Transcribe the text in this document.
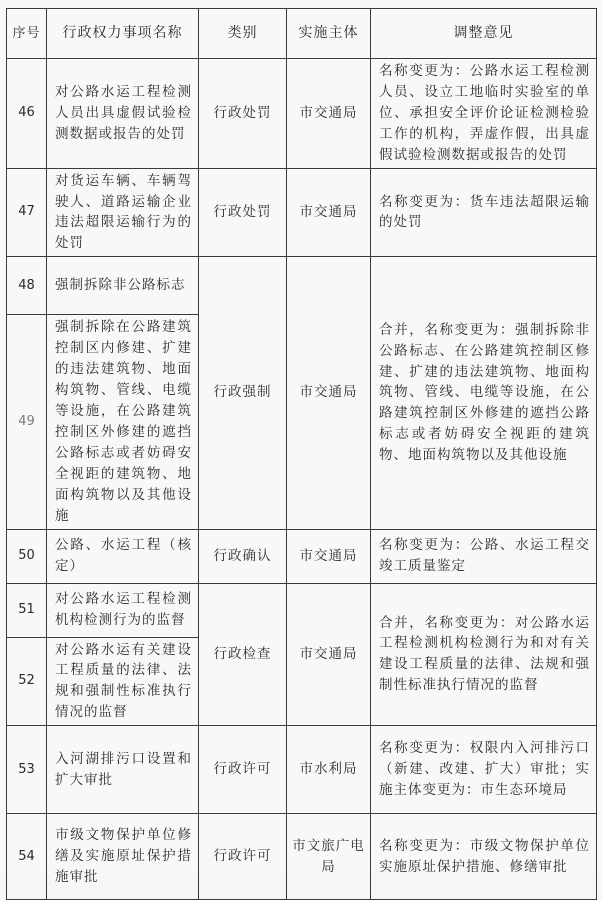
序号	行政权力事项名称	类别	实施主体	调整意见
46	对公路水运工程检测人员出具虚假试验检测数据或报告的处罚	行政处罚	市交通局	名称变更为：公路水运工程检测人员、设立工地临时实验室的单位、承担安全评价论证检测检验工作的机构，弄虚作假，出具虚假试验检测数据或报告的处罚
47	对货运车辆、车辆驾驶人、道路运输企业违法超限运输行为的处罚	行政处罚	市交通局	名称变更为：货车违法超限运输的处罚
48	强制拆除非公路标志	行政强制	市交通局	合并，名称变更为：强制拆除非公路标志、在公路建筑控制区修建、扩建的违法建筑物、地面构筑物、管线、电缆等设施，在公路建筑控制区外修建的遮挡公路标志或者妨碍安全视距的建筑物、地面构筑物以及其他设施
49	强制拆除在公路建筑控制区内修建、扩建的违法建筑物、地面构筑物、管线、电缆等设施，在公路建筑控制区外修建的遮挡公路标志或者妨碍安全视距的建筑物、地面构筑物以及其他设施			
50	公路、水运工程（核定）	行政确认	市交通局	名称变更为：公路、水运工程交竣工质量鉴定
51	对公路水运工程检测机构检测行为的监督	行政检查	市交通局	合并，名称变更为：对公路水运工程检测机构检测行为和对有关建设工程质量的法律、法规和强制性标准执行情况的监督
52	对公路水运有关建设工程质量的法律、法规和强制性标准执行情况的监督			
53	入河湖排污口设置和扩大审批	行政许可	市水利局	名称变更为：权限内入河排污口（新建、改建、扩大）审批；实施主体变更为：市生态环境局
54	市级文物保护单位修缮及实施原址保护措施审批	行政许可	市文旅广电局	名称变更为：市级文物保护单位实施原址保护措施、修缮审批
